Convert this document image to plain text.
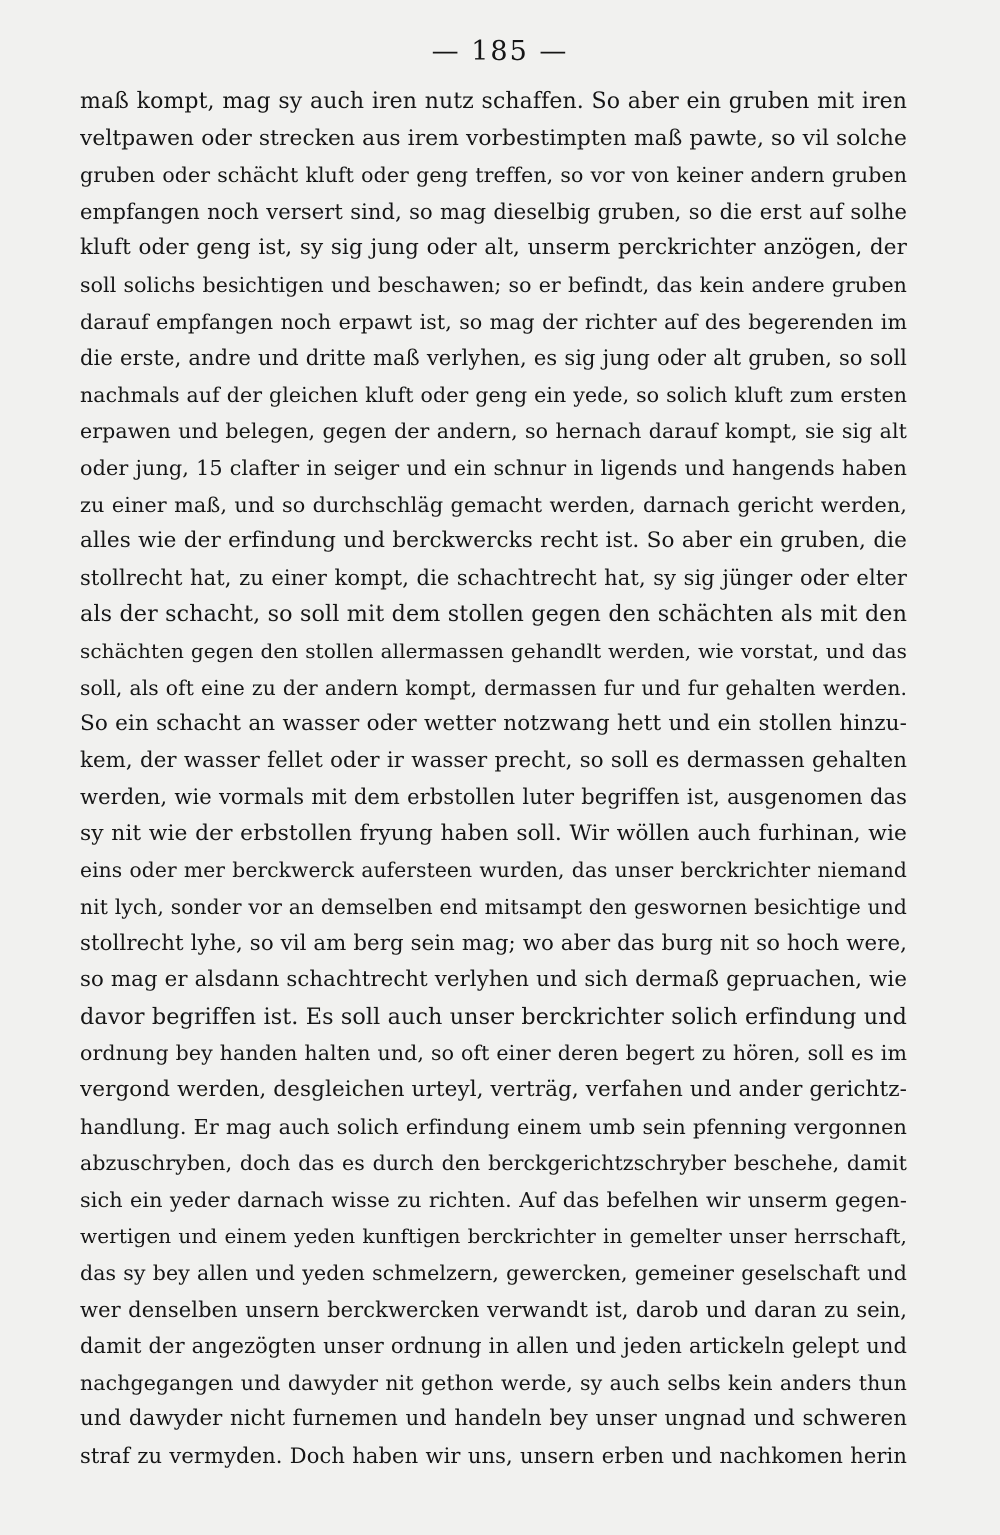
— 185 —
maß kompt, mag sy auch iren nutz schaffen. So aber ein gruben mit iren
veltpawen oder strecken aus irem vorbestimpten maß pawte, so vil solche
gruben oder schächt kluft oder geng treffen, so vor von keiner andern gruben
empfangen noch versert sind, so mag dieselbig gruben, so die erst auf solhe
kluft oder geng ist, sy sig jung oder alt, unserm perckrichter anzögen, der
soll solichs besichtigen und beschawen; so er befindt, das kein andere gruben
darauf empfangen noch erpawt ist, so mag der richter auf des begerenden im
die erste, andre und dritte maß verlyhen, es sig jung oder alt gruben, so soll
nachmals auf der gleichen kluft oder geng ein yede, so solich kluft zum ersten
erpawen und belegen, gegen der andern, so hernach darauf kompt, sie sig alt
oder jung, 15 clafter in seiger und ein schnur in ligends und hangends haben
zu einer maß, und so durchschläg gemacht werden, darnach gericht werden,
alles wie der erfindung und berckwercks recht ist. So aber ein gruben, die
stollrecht hat, zu einer kompt, die schachtrecht hat, sy sig jünger oder elter
als der schacht, so soll mit dem stollen gegen den schächten als mit den
schächten gegen den stollen allermassen gehandlt werden, wie vorstat, und das
soll, als oft eine zu der andern kompt, dermassen fur und fur gehalten werden.
So ein schacht an wasser oder wetter notzwang hett und ein stollen hinzu-
kem, der wasser fellet oder ir wasser precht, so soll es dermassen gehalten
werden, wie vormals mit dem erbstollen luter begriffen ist, ausgenomen das
sy nit wie der erbstollen fryung haben soll. Wir wöllen auch furhinan, wie
eins oder mer berckwerck aufersteen wurden, das unser berckrichter niemand
nit lych, sonder vor an demselben end mitsampt den geswornen besichtige und
stollrecht lyhe, so vil am berg sein mag; wo aber das burg nit so hoch were,
so mag er alsdann schachtrecht verlyhen und sich dermaß gepruachen, wie
davor begriffen ist. Es soll auch unser berckrichter solich erfindung und
ordnung bey handen halten und, so oft einer deren begert zu hören, soll es im
vergond werden, desgleichen urteyl, verträg, verfahen und ander gerichtz-
handlung. Er mag auch solich erfindung einem umb sein pfenning vergonnen
abzuschryben, doch das es durch den berckgerichtzschryber beschehe, damit
sich ein yeder darnach wisse zu richten. Auf das befelhen wir unserm gegen-
wertigen und einem yeden kunftigen berckrichter in gemelter unser herrschaft,
das sy bey allen und yeden schmelzern, gewercken, gemeiner geselschaft und
wer denselben unsern berckwercken verwandt ist, darob und daran zu sein,
damit der angezögten unser ordnung in allen und jeden artickeln gelept und
nachgegangen und dawyder nit gethon werde, sy auch selbs kein anders thun
und dawyder nicht furnemen und handeln bey unser ungnad und schweren
straf zu vermyden. Doch haben wir uns, unsern erben und nachkomen herin
